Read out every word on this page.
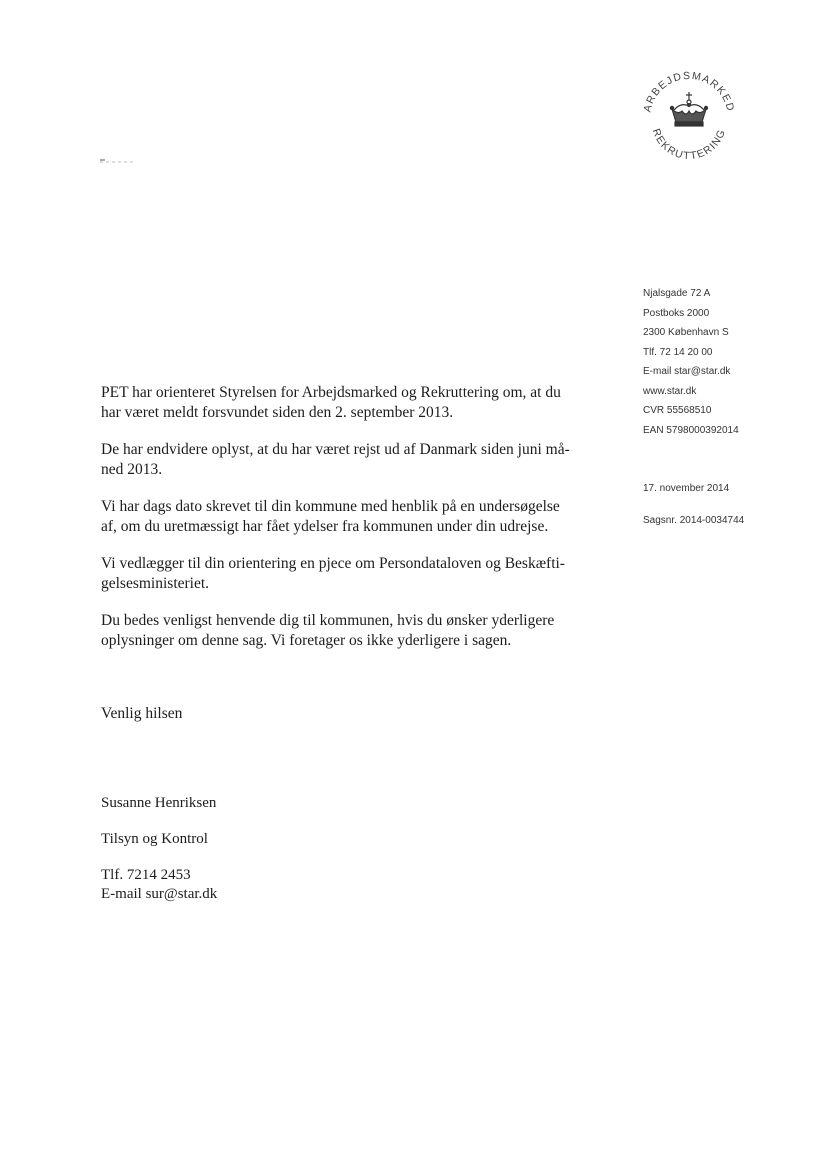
ARBEJDSMARKED
REKRUTTERING
Njalsgade 72 A
Postboks 2000
2300 København S
Tlf. 72 14 20 00
E-mail star@star.dk
www.star.dk
CVR 55568510
EAN 5798000392014
17. november 2014
Sagsnr. 2014-0034744

PET har orienteret Styrelsen for Arbejdsmarked og Rekruttering om, at du
har været meldt forsvundet siden den 2. september 2013.

De har endvidere oplyst, at du har været rejst ud af Danmark siden juni må-
ned 2013.

Vi har dags dato skrevet til din kommune med henblik på en undersøgelse
af, om du uretmæssigt har fået ydelser fra kommunen under din udrejse.

Vi vedlægger til din orientering en pjece om Persondataloven og Beskæfti-
gelsesministeriet.

Du bedes venligst henvende dig til kommunen, hvis du ønsker yderligere
oplysninger om denne sag. Vi foretager os ikke yderligere i sagen.

Venlig hilsen
Susanne Henriksen
Tilsyn og Kontrol
Tlf. 7214 2453
E-mail sur@star.dk
